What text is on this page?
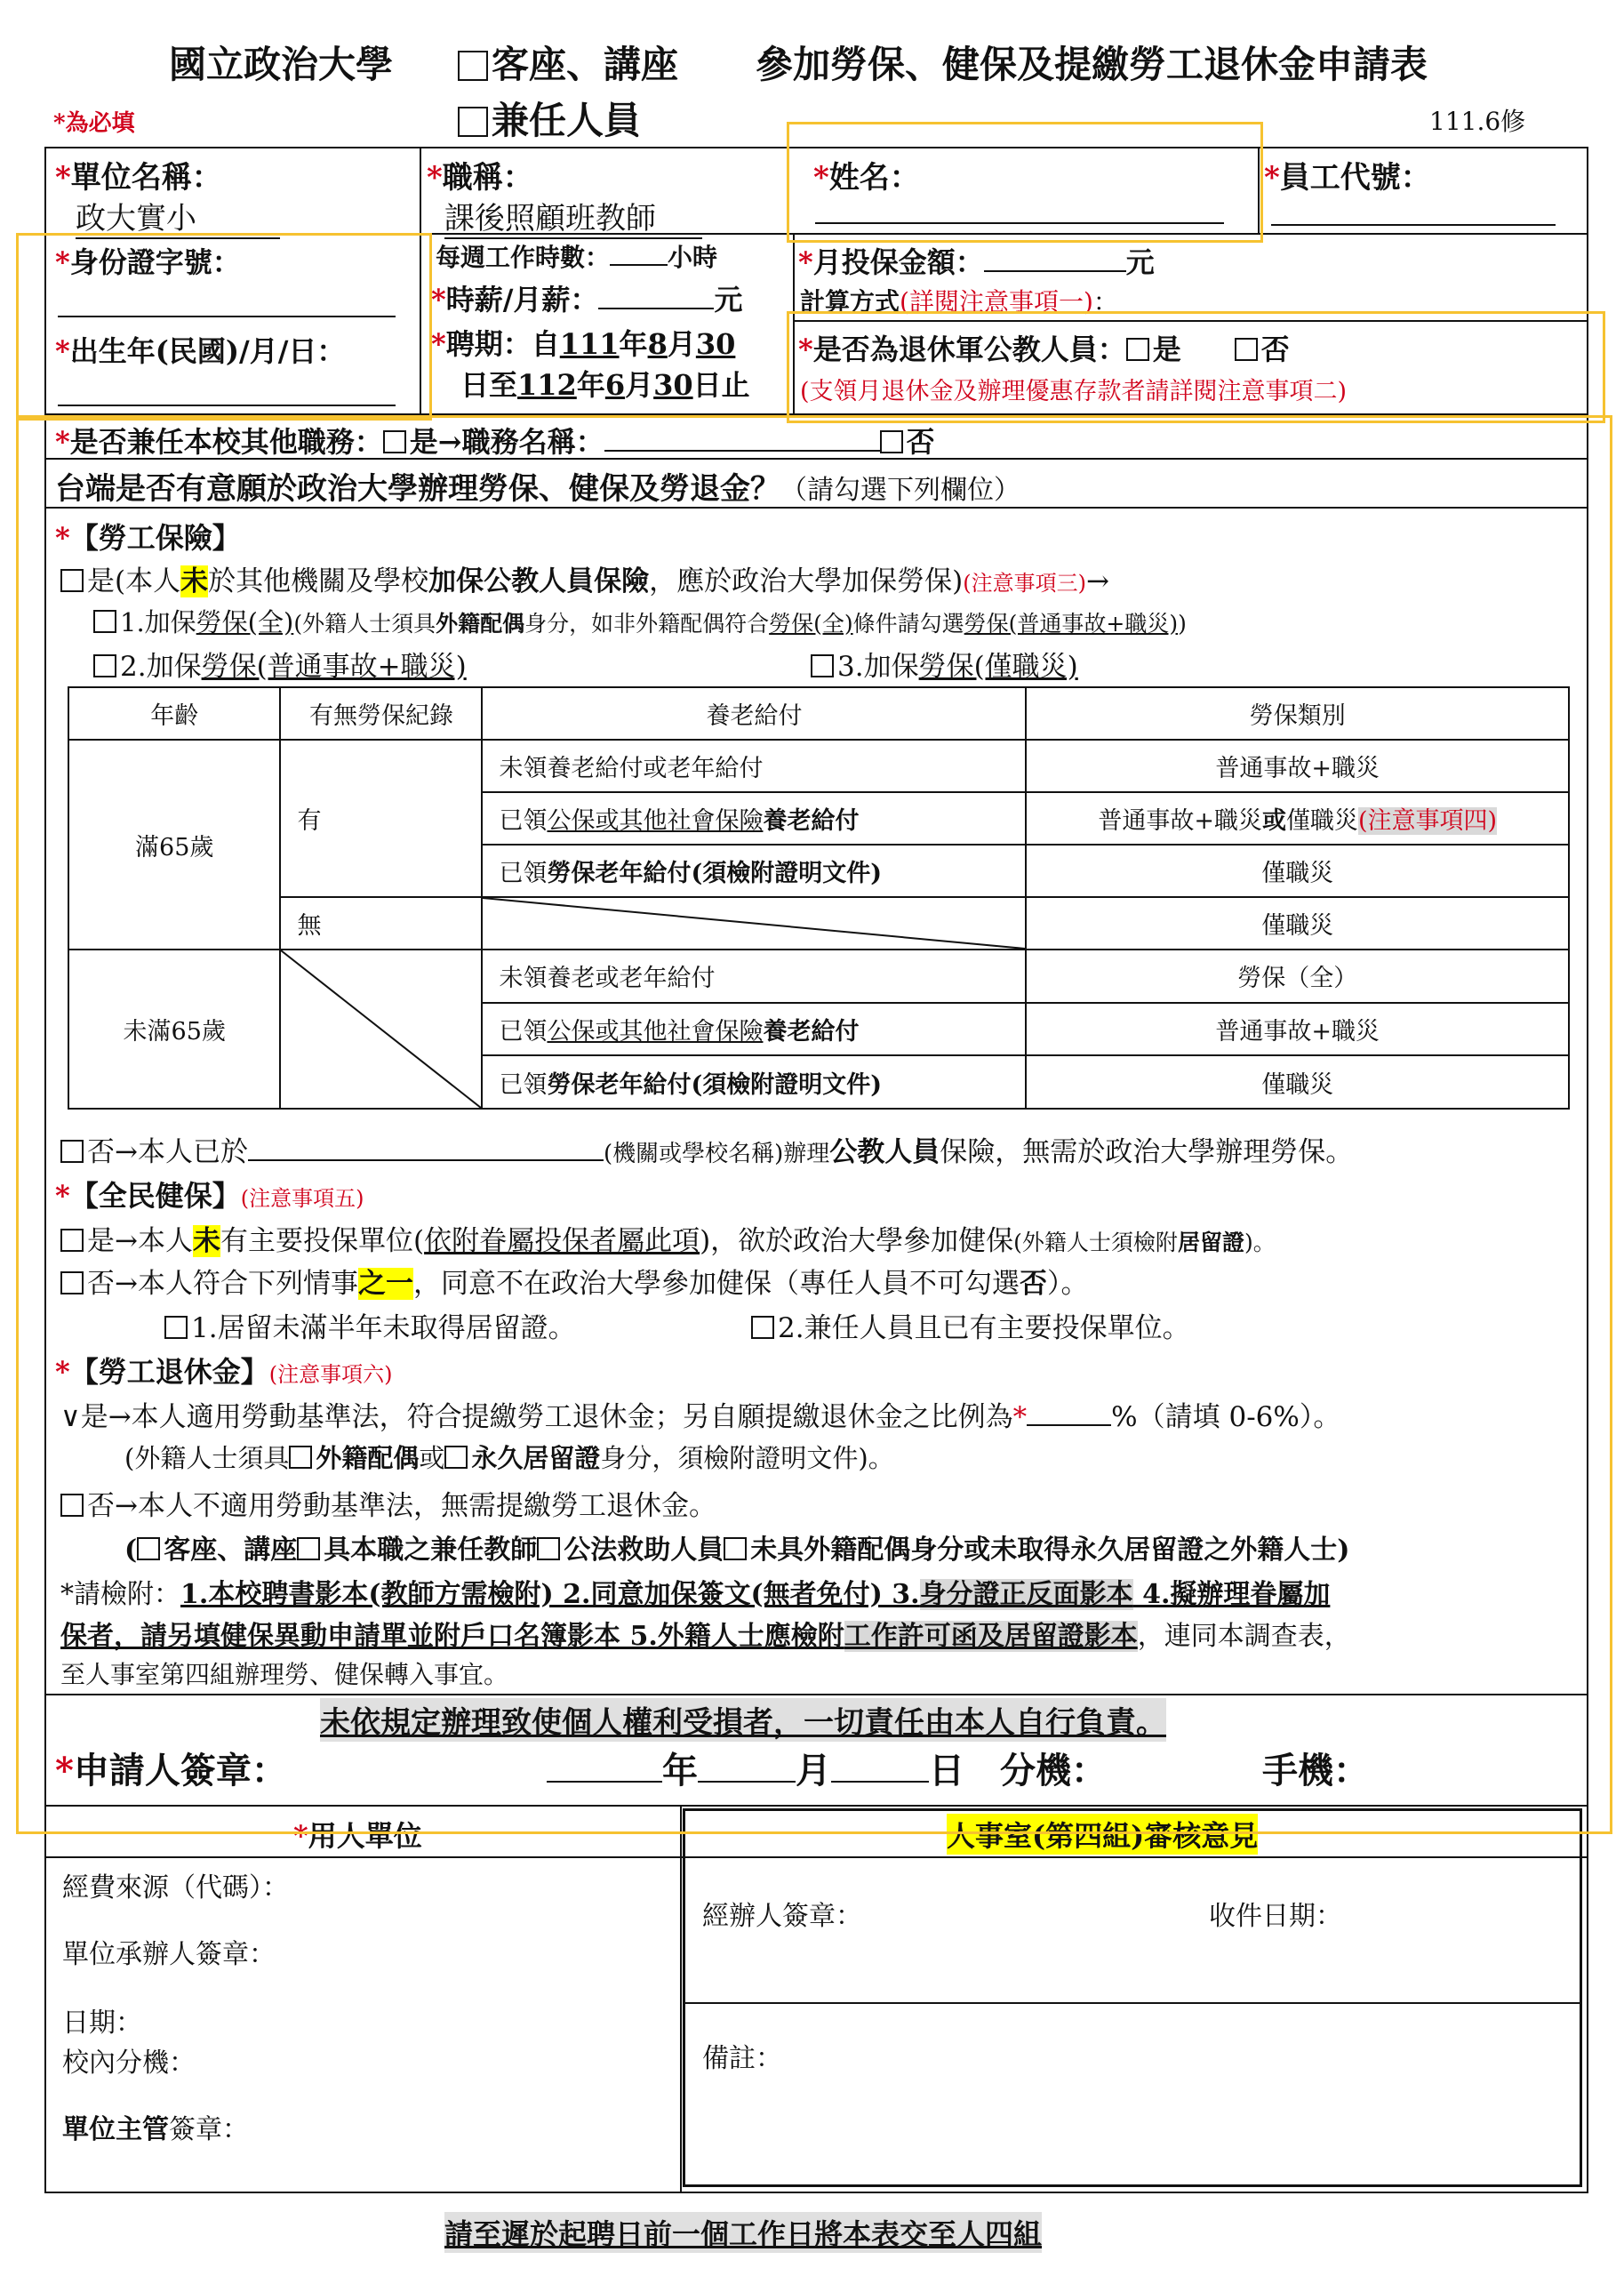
國立政治大學	客座、講座 參加勞保、健保及提繳勞工退休金申請表
兼任人員
*為必填	111.6修
*單位名稱：
政大實小
*職稱：
課後照顧班教師
*姓名：	*員工代號：
*身份證字號：
*出生年(民國)/月/日：
每週工作時數： 小時
*時薪/月薪：	元
*聘期：自111年8月30
日至112年6月30日止
*月投保金額：	元
計算方式(詳閱注意事項一)：
*是否為退休軍公教人員： 是	否
(支領月退休金及辦理優惠存款者請詳閱注意事項二)
*是否兼任本校其他職務： 是→職務名稱：	否
台端是否有意願於政治大學辦理勞保、健保及勞退金？（請勾選下列欄位）
*【勞工保險】
是(本人未於其他機關及學校加保公教人員保險，應於政治大學加保勞保)(注意事項三)→
1.加保勞保(全)(外籍人士須具外籍配偶身分，如非外籍配偶符合勞保(全)條件請勾選勞保(普通事故+職災))
2.加保勞保(普通事故+職災)	3.加保勞保(僅職災)
年齡	有無勞保紀錄	養老給付	勞保類別
滿65歲	有	未領養老給付或老年給付	普通事故+職災
		已領公保或其他社會保險養老給付	普通事故+職災或僅職災(注意事項四)
		已領勞保老年給付(須檢附證明文件)	僅職災
	無		僅職災
未滿65歲		未領養老或老年給付	勞保（全）
		已領公保或其他社會保險養老給付	普通事故+職災
		已領勞保老年給付(須檢附證明文件)	僅職災
否→本人已於	(機關或學校名稱)辦理公教人員保險，無需於政治大學辦理勞保。
*【全民健保】(注意事項五)
是→本人未有主要投保單位(依附眷屬投保者屬此項)，欲於政治大學參加健保(外籍人士須檢附居留證)。
否→本人符合下列情事之一，同意不在政治大學參加健保（專任人員不可勾選否）。
1.居留未滿半年未取得居留證。	2.兼任人員且已有主要投保單位。
*【勞工退休金】(注意事項六)
∨是→本人適用勞動基準法，符合提繳勞工退休金；另自願提繳退休金之比例為*	%（請填 0-6%）。
(外籍人士須具 外籍配偶或 永久居留證身分，須檢附證明文件)。
否→本人不適用勞動基準法，無需提繳勞工退休金。
( 客座、講座 具本職之兼任教師 公法救助人員 未具外籍配偶身分或未取得永久居留證之外籍人士)
*請檢附：1.本校聘書影本(教師方需檢附) 2.同意加保簽文(無者免付) 3.身分證正反面影本 4.擬辦理眷屬加
保者，請另填健保異動申請單並附戶口名簿影本 5.外籍人士應檢附工作許可函及居留證影本，連同本調查表，
至人事室第四組辦理勞、健保轉入事宜。
未依規定辦理致使個人權利受損者，一切責任由本人自行負責。
*申請人簽章：	年	月	日 分機：	手機：
*用人單位
經費來源（代碼）：
單位承辦人簽章：
日期：
校內分機：
單位主管簽章：
人事室(第四組)審核意見
經辦人簽章：	收件日期：
備註：
請至遲於起聘日前一個工作日將本表交至人四組
